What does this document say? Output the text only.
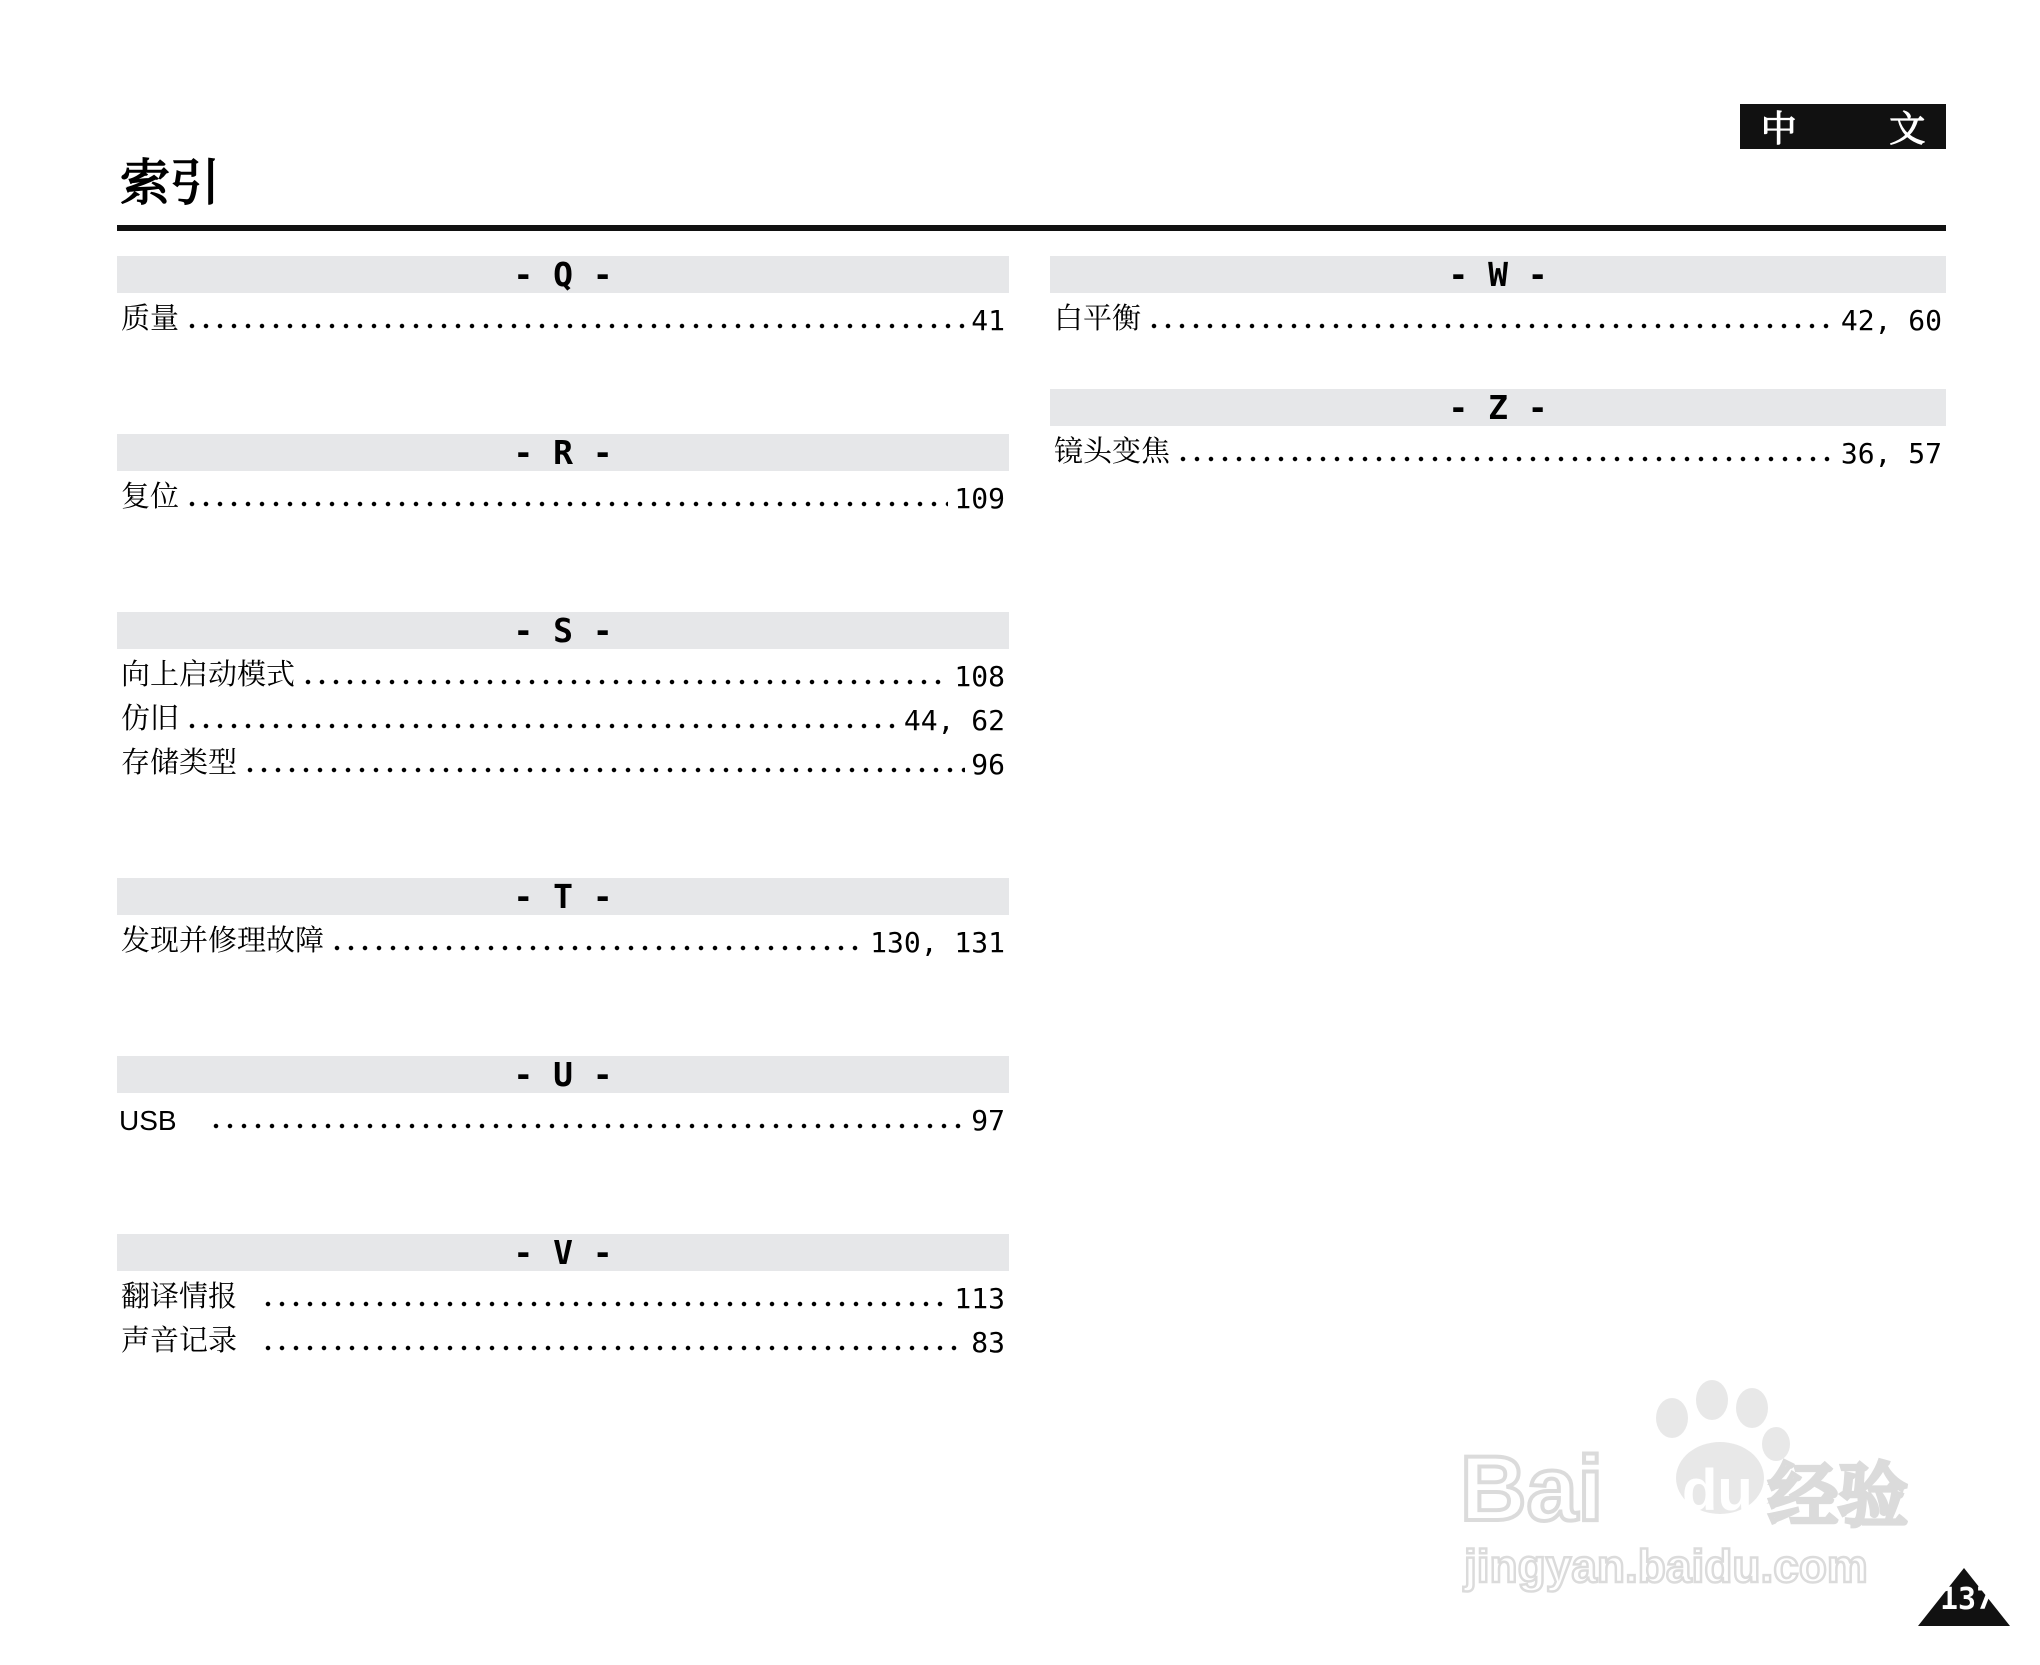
中 文
索引
- Q -
质量	41
- R -
复位	109
- S -
向上启动模式	108
仿旧	44, 62
存储类型	96
- T -
发现并修理故障	130, 131
- U -
USB	97
- V -
翻译情报	113
声音记录	83
- W -
白平衡	42, 60
- Z -
镜头变焦	36, 57
Bai du 经验
jingyan.baidu.com
137
